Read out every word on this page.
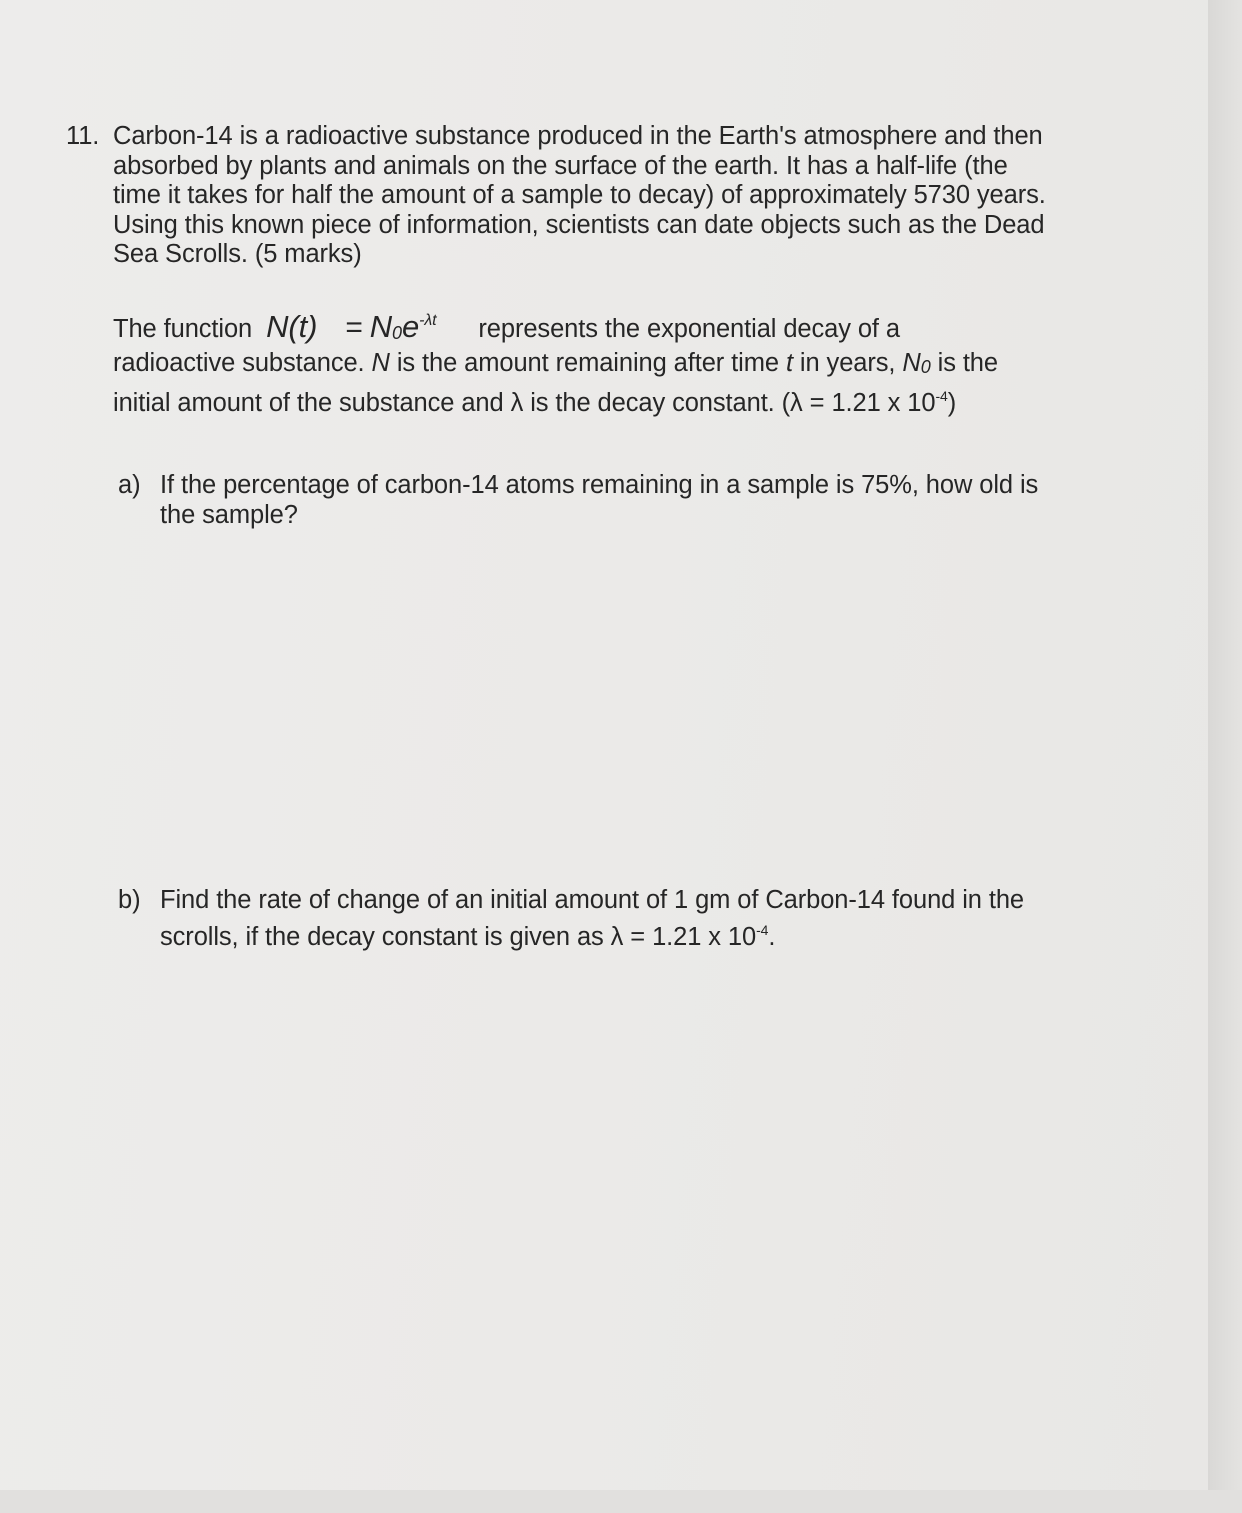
11. Carbon-14 is a radioactive substance produced in the Earth's atmosphere and then
absorbed by plants and animals on the surface of the earth. It has a half-life (the
time it takes for half the amount of a sample to decay) of approximately 5730 years.
Using this known piece of information, scientists can date objects such as the Dead
Sea Scrolls. (5 marks)
The function $N(t) = N0e^{-\lambda t}$ represents the exponential decay of a
radioactive substance. N is the amount remaining after time t in years, N0 is the
initial amount of the substance and λ is the decay constant. (λ = 1.21 x $10^{-4}$)
a) If the percentage of carbon-14 atoms remaining in a sample is 75%, how old is
the sample?
b) Find the rate of change of an initial amount of 1 gm of Carbon-14 found in the
scrolls, if the decay constant is given as λ = 1.21 x $10^{-4}$.
